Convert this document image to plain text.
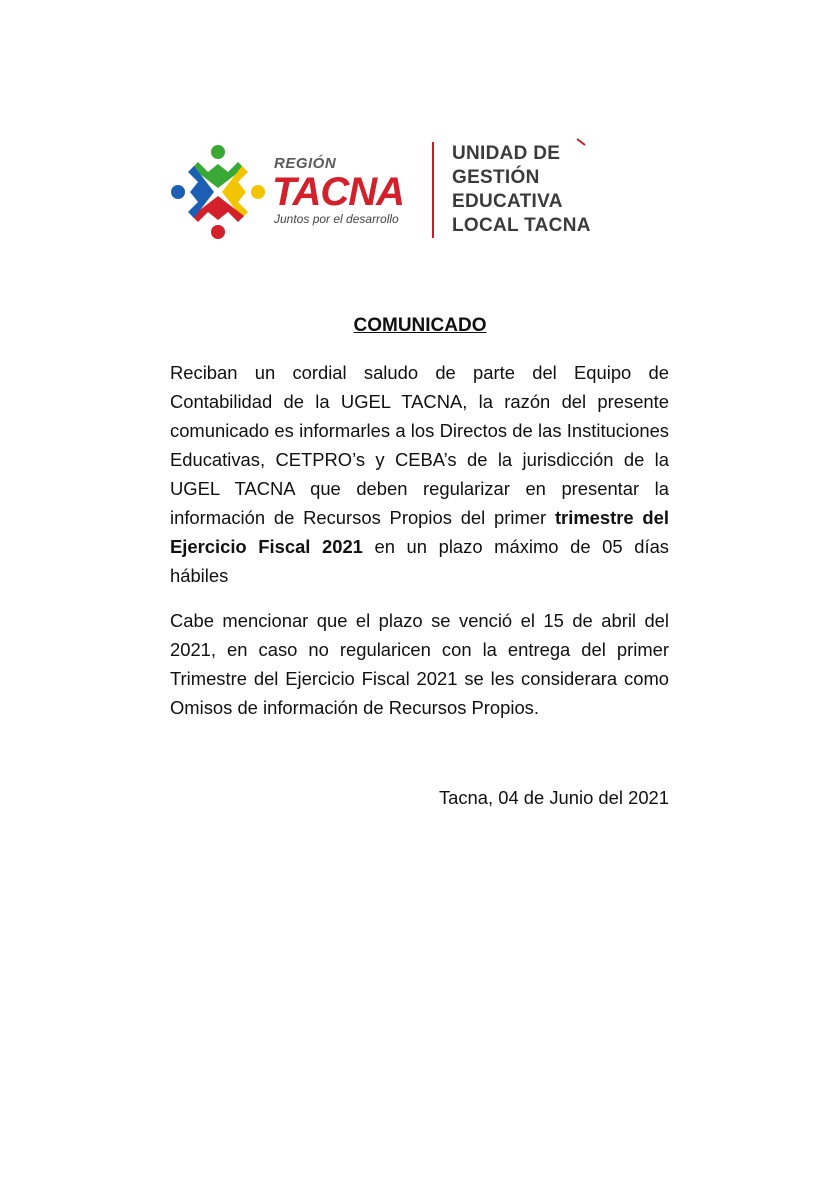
REGIÓN
TACNA
Juntos por el desarrollo
UNIDAD DE
GESTIÓN
EDUCATIVA
LOCAL TACNA
COMUNICADO

Reciban un cordial saludo de parte del Equipo de Contabilidad de la UGEL TACNA, la razón del presente comunicado es informarles a los Directos de las Instituciones Educativas, CETPRO’s y CEBA’s de la jurisdicción de la UGEL TACNA que deben regularizar en presentar la información de Recursos Propios del primer trimestre del Ejercicio Fiscal 2021 en un plazo máximo de 05 días hábiles

Cabe mencionar que el plazo se venció el 15 de abril del 2021, en caso no regularicen con la entrega del primer Trimestre del Ejercicio Fiscal 2021 se les considerara como Omisos de información de Recursos Propios.

Tacna, 04 de Junio del 2021
